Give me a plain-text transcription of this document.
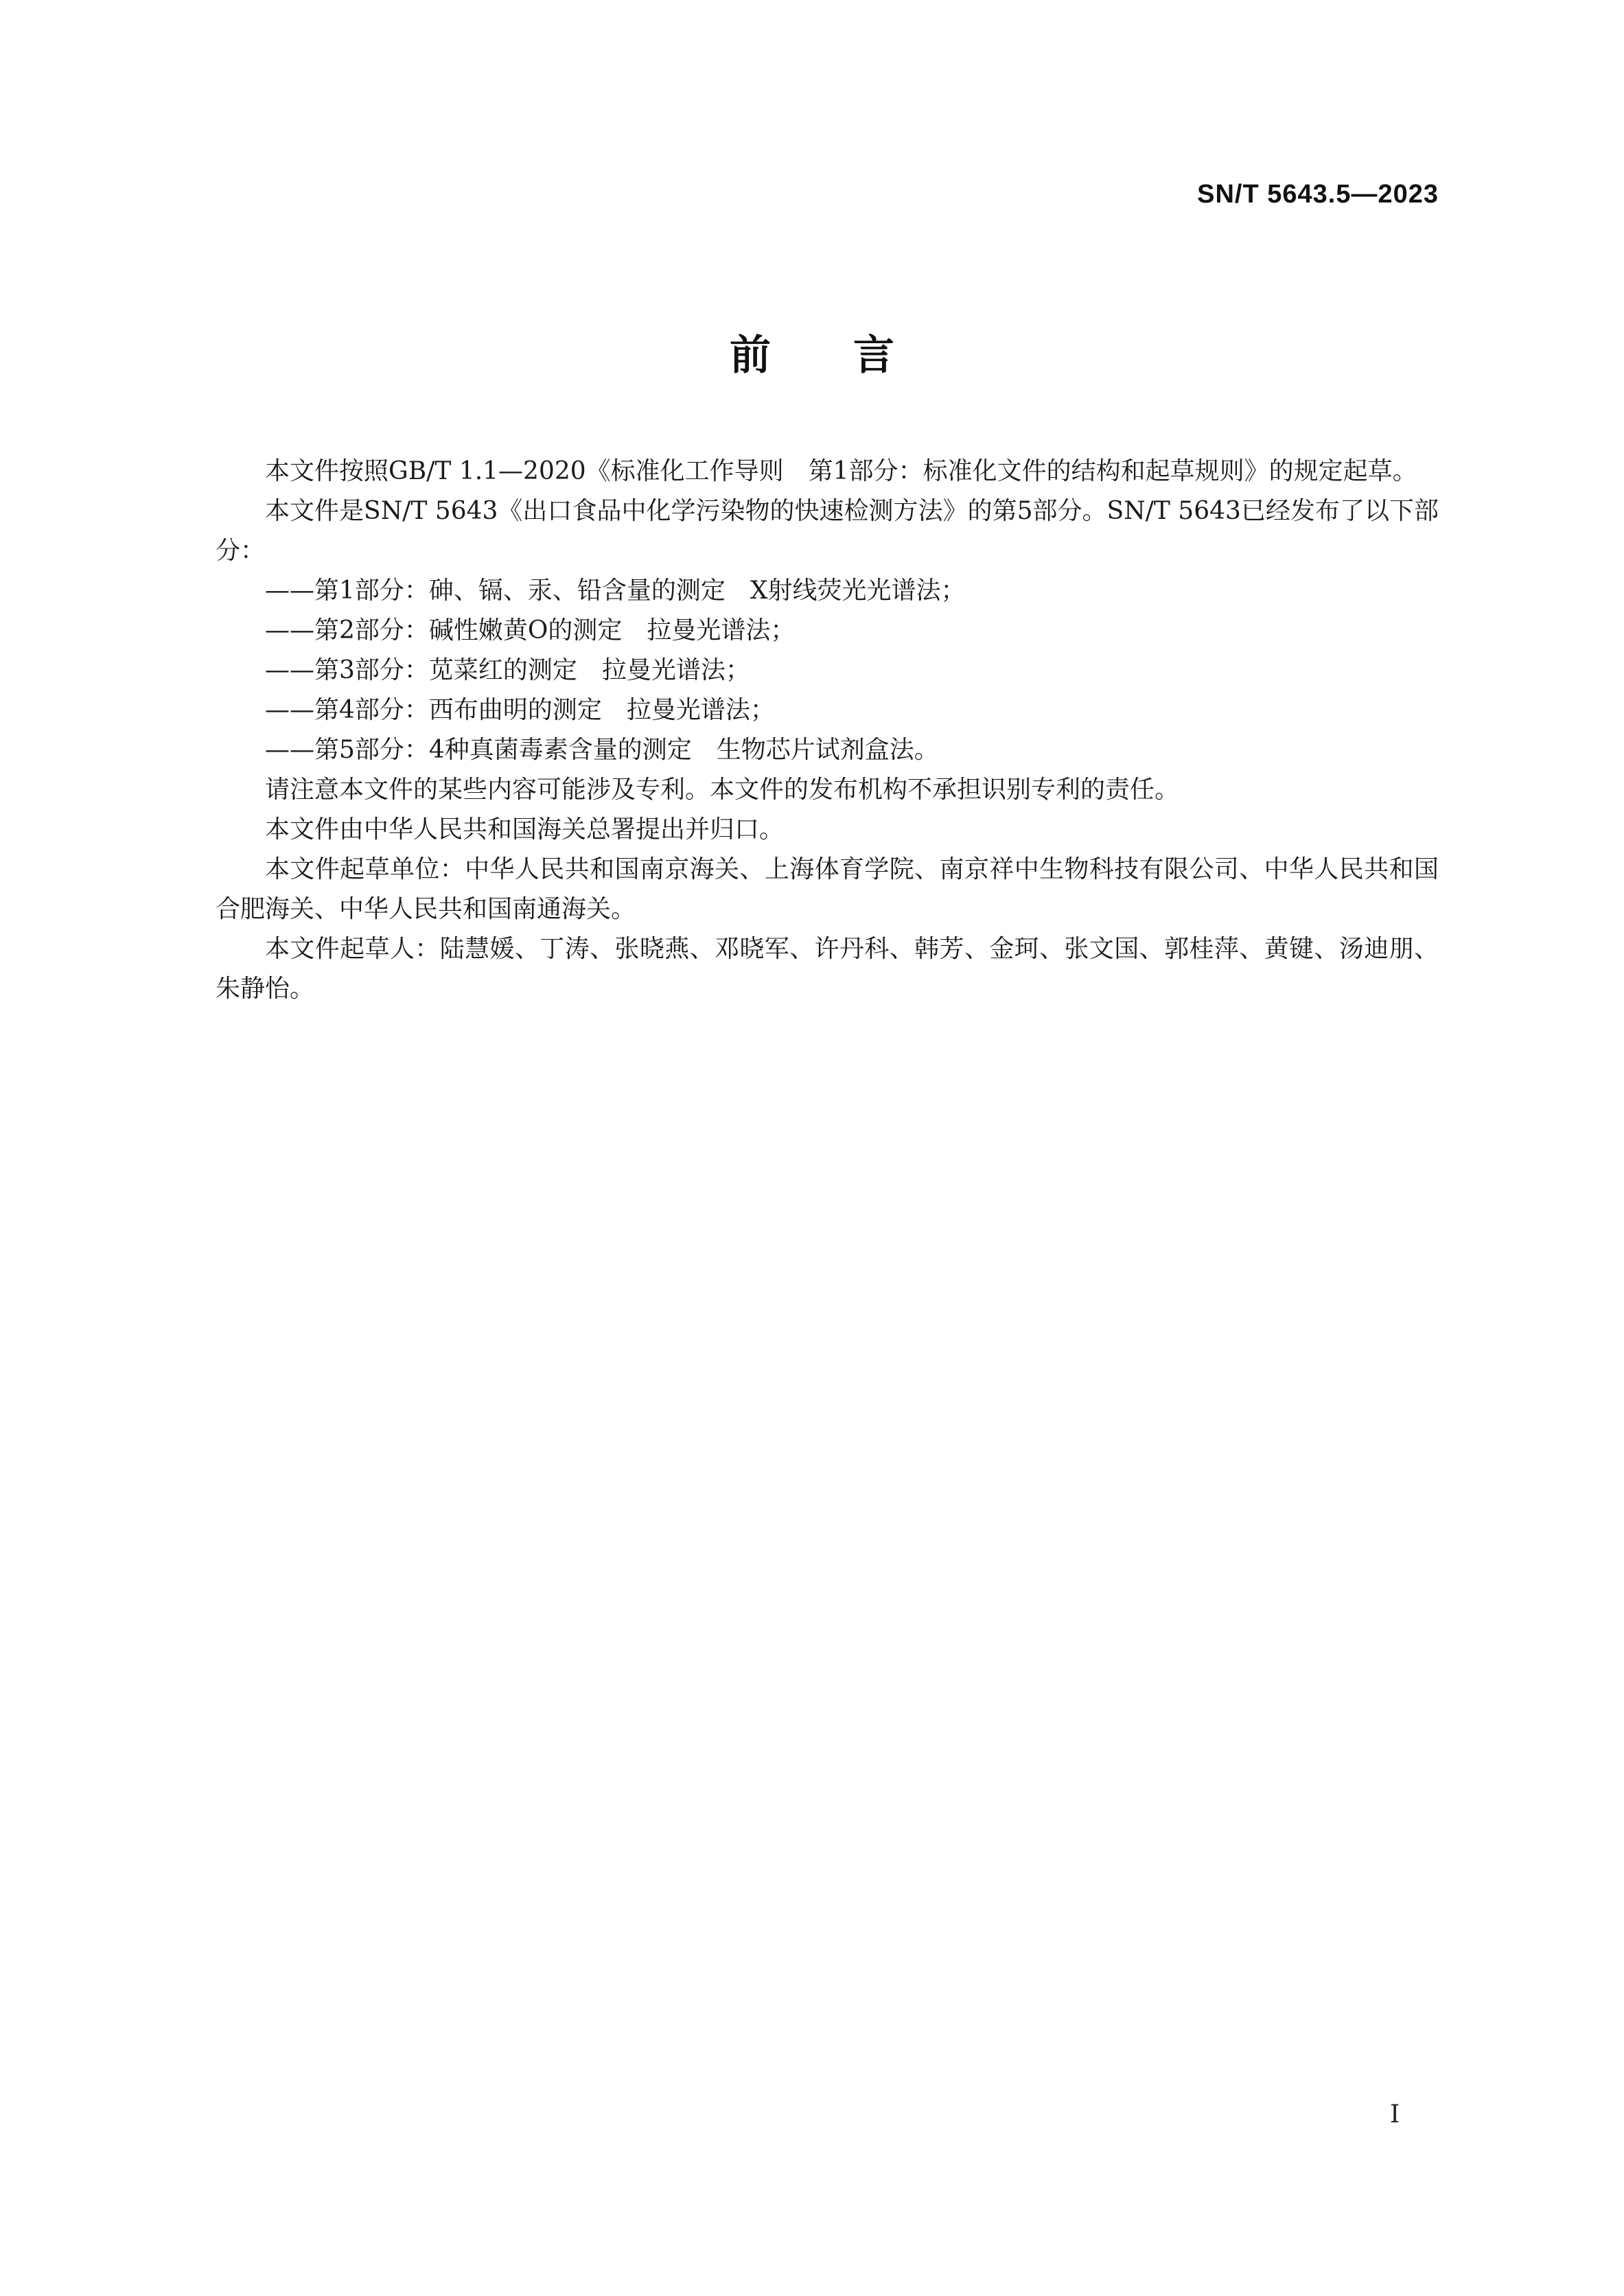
SN/T 5643.5—2023
前言

本文件按照GB/T 1.1—2020《标准化工作导则　第1部分：标准化文件的结构和起草规则》的规定起草。

本文件是SN/T 5643《出口食品中化学污染物的快速检测方法》的第5部分。SN/T 5643已经发布了以下部分：

——第1部分：砷、镉、汞、铅含量的测定　X射线荧光光谱法；

——第2部分：碱性嫩黄O的测定　拉曼光谱法；

——第3部分：苋菜红的测定　拉曼光谱法；

——第4部分：西布曲明的测定　拉曼光谱法；

——第5部分：4种真菌毒素含量的测定　生物芯片试剂盒法。

请注意本文件的某些内容可能涉及专利。本文件的发布机构不承担识别专利的责任。

本文件由中华人民共和国海关总署提出并归口。

本文件起草单位：中华人民共和国南京海关、上海体育学院、南京祥中生物科技有限公司、中华人民共和国合肥海关、中华人民共和国南通海关。

本文件起草人：陆慧媛、丁涛、张晓燕、邓晓军、许丹科、韩芳、金珂、张文国、郭桂萍、黄键、汤迪朋、朱静怡。

Ⅰ
